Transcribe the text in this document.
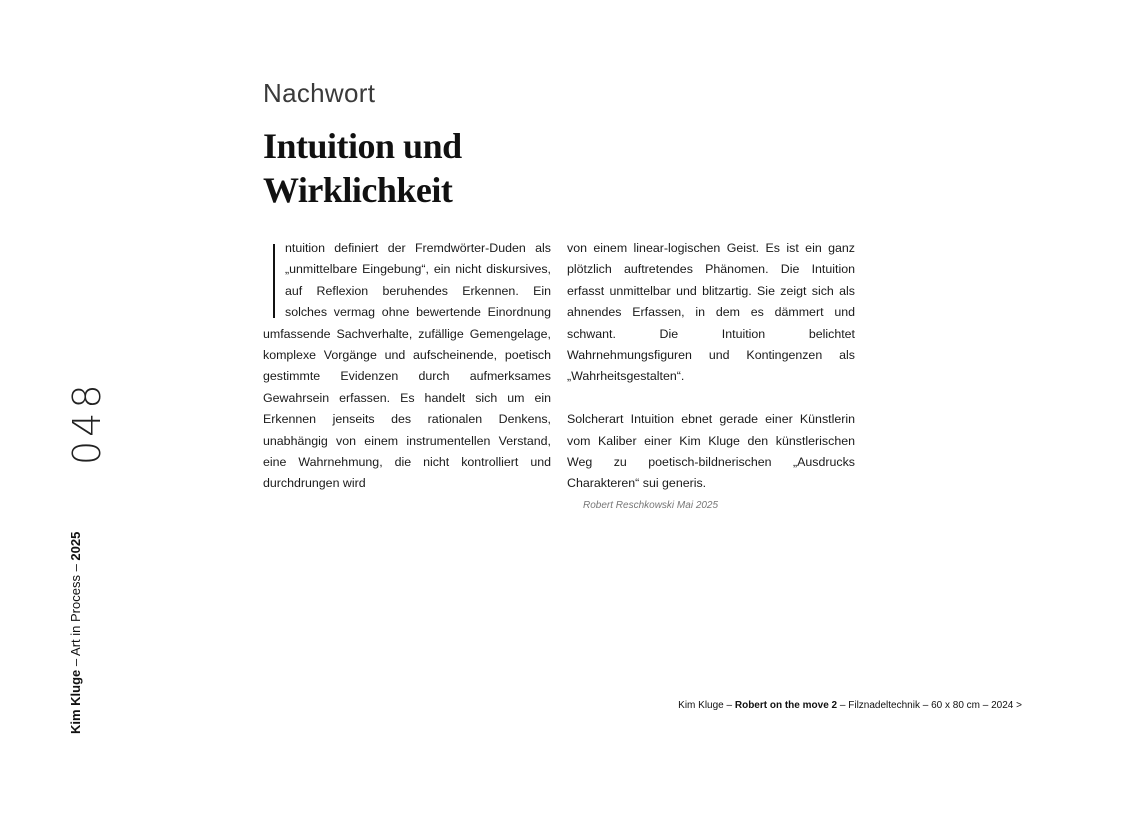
Nachwort
Intuition und
Wirklichkeit

ntuition definiert der Fremdwörter-Duden als „unmittelbare Eingebung“, ein nicht diskursives, auf Reflexion beruhendes Erkennen. Ein solches vermag ohne bewertende Einordnung umfassende Sachverhalte, zufällige Gemengelage, komplexe Vorgänge und aufscheinende, poetisch gestimmte Evidenzen durch aufmerksames Gewahrsein erfassen. Es handelt sich um ein Erkennen jenseits des rationalen Denkens, unabhängig von einem instrumentellen Verstand, eine Wahrnehmung, die nicht kontrolliert und durchdrungen wird

von einem linear-logischen Geist. Es ist ein ganz plötzlich auftretendes Phänomen. Die Intuition erfasst unmittelbar und blitzartig. Sie zeigt sich als ahnendes Erfassen, in dem es dämmert und schwant. Die Intuition belichtet Wahrnehmungsfiguren und Kontingenzen als „Wahrheitsgestalten“.

Solcherart Intuition ebnet gerade einer Künstlerin vom Kaliber einer Kim Kluge den künstlerischen Weg zu poetisch-bildnerischen „Ausdrucks Charakteren“ sui generis.

Robert Reschkowski Mai 2025

Kim Kluge – Robert on the move 2 – Filznadeltechnik – 60 x 80 cm – 2024 >

048
Kim Kluge – Art in Process – 2025
